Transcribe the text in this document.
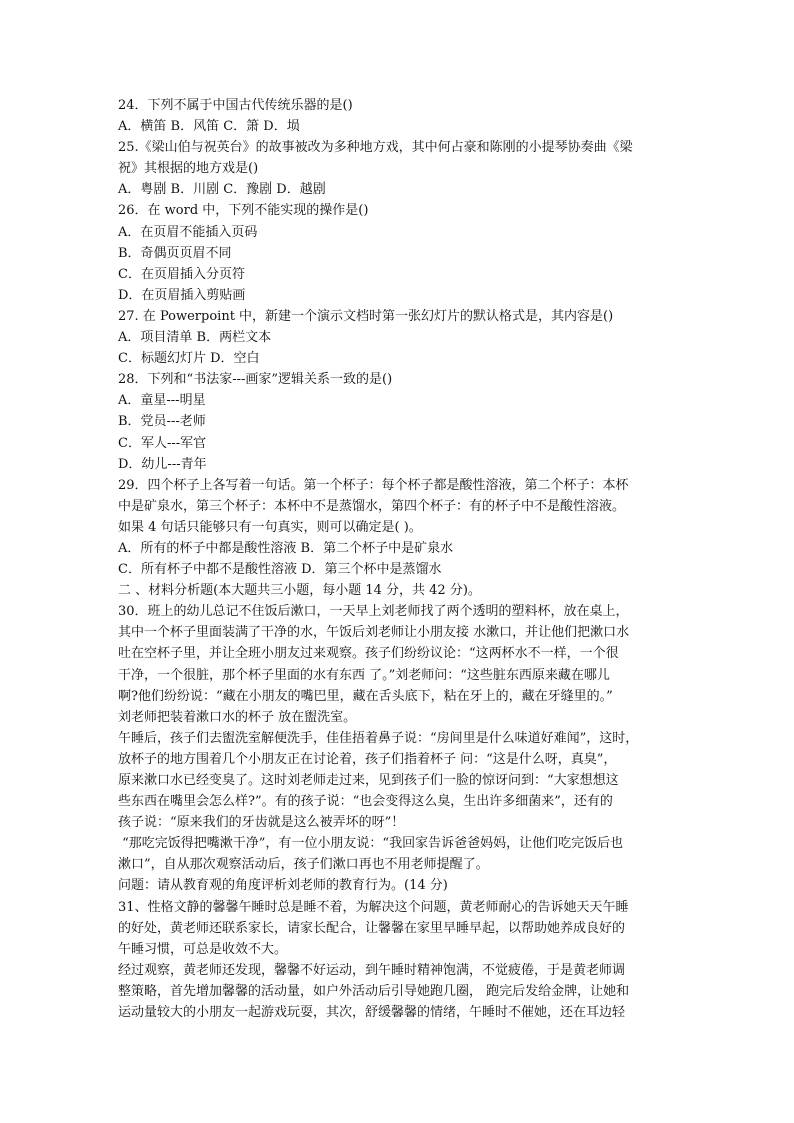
24．下列不属于中国古代传统乐器的是()

A．横笛 B．风笛 C．箫 D．埙

25.《梁山伯与祝英台》的故事被改为多种地方戏，其中何占豪和陈刚的小提琴协奏曲《梁

祝》其根据的地方戏是()

A．粤剧 B．川剧 C．豫剧 D．越剧

26．在 word 中，下列不能实现的操作是()

A．在页眉不能插入页码

B．奇偶页页眉不同

C．在页眉插入分页符

D．在页眉插入剪贴画

27. 在 Powerpoint 中，新建一个演示文档时第一张幻灯片的默认格式是，其内容是()

A．项目清单 B．两栏文本

C．标题幻灯片 D．空白

28．下列和“书法家---画家”逻辑关系一致的是()

A．童星---明星

B．党员---老师

C．军人---军官

D．幼儿---青年

29．四个杯子上各写着一句话。第一个杯子：每个杯子都是酸性溶液，第二个杯子：本杯

中是矿泉水，第三个杯子：本杯中不是蒸馏水，第四个杯子：有的杯子中不是酸性溶液。

如果 4 句话只能够只有一句真实，则可以确定是( )。

A．所有的杯子中都是酸性溶液 B．第二个杯子中是矿泉水

C．所有杯子中都不是酸性溶液 D．第三个杯中是蒸馏水

二 、材料分析题(本大题共三小题，每小题 14 分，共 42 分)。

30．班上的幼儿总记不住饭后漱口，一天早上刘老师找了两个透明的塑料杯，放在桌上，

其中一个杯子里面装满了干净的水，午饭后刘老师让小朋友接 水漱口，并让他们把漱口水

吐在空杯子里，并让全班小朋友过来观察。孩子们纷纷议论：“这两杯水不一样，一个很

干净，一个很脏，那个杯子里面的水有东西 了。”刘老师问：“这些脏东西原来藏在哪儿

啊?他们纷纷说：“藏在小朋友的嘴巴里，藏在舌头底下，粘在牙上的，藏在牙缝里的。”

刘老师把装着漱口水的杯子 放在盥洗室。

午睡后，孩子们去盥洗室解便洗手，佳佳捂着鼻子说：“房间里是什么味道好难闻”，这时，

放杯子的地方围着几个小朋友正在讨论着，孩子们指着杯子 问：“这是什么呀，真臭”，

原来漱口水已经变臭了。这时刘老师走过来，见到孩子们一脸的惊讶问到：“大家想想这

些东西在嘴里会怎么样?”。有的孩子说：“也会变得这么臭，生出许多细菌来”，还有的

孩子说：“原来我们的牙齿就是这么被弄坏的呀”！

“那吃完饭得把嘴漱干净”，有一位小朋友说：“我回家告诉爸爸妈妈，让他们吃完饭后也

漱口”，自从那次观察活动后，孩子们漱口再也不用老师提醒了。

问题：请从教育观的角度评析刘老师的教育行为。(14 分)

31、性格文静的馨馨午睡时总是睡不着，为解决这个问题，黄老师耐心的告诉她天天午睡

的好处，黄老师还联系家长，请家长配合，让馨馨在家里早睡早起，以帮助她养成良好的

午睡习惯，可总是收效不大。

经过观察，黄老师还发现，馨馨不好运动，到午睡时精神饱满，不觉疲倦，于是黄老师调

整策略，首先增加馨馨的活动量，如户外活动后引导她跑几圈， 跑完后发给金牌，让她和

运动量较大的小朋友一起游戏玩耍，其次，舒缓馨馨的情绪，午睡时不催她，还在耳边轻
